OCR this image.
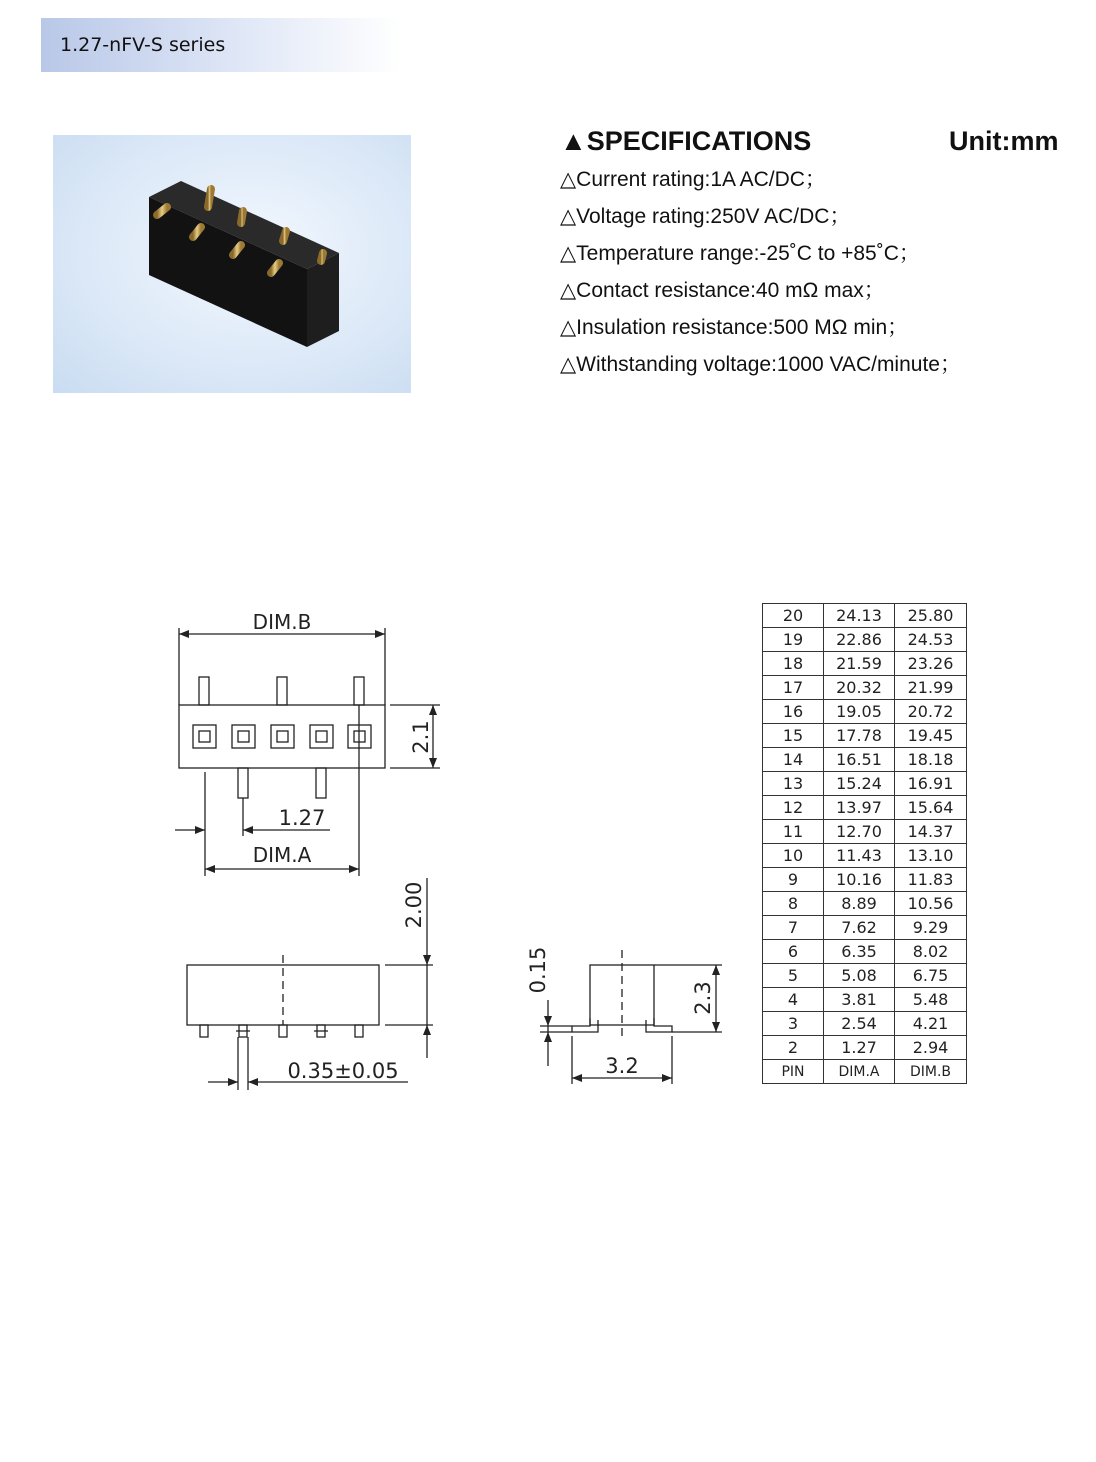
1.27-nFV-S series
▲SPECIFICATIONS	Unit:mm
△Current rating:1A AC/DC；
△Voltage rating:250V AC/DC；
△Temperature range:-25˚C to +85˚C；
△Contact resistance:40 mΩ max；
△Insulation resistance:500 MΩ min；
△Withstanding voltage:1000 VAC/minute；
DIM.B
DIM.A
1.27
2.1
2.00
0.35±0.05
0.15
2.3
3.2
20	24.13	25.80
19	22.86	24.53
18	21.59	23.26
17	20.32	21.99
16	19.05	20.72
15	17.78	19.45
14	16.51	18.18
13	15.24	16.91
12	13.97	15.64
11	12.70	14.37
10	11.43	13.10
9	10.16	11.83
8	8.89	10.56
7	7.62	9.29
6	6.35	8.02
5	5.08	6.75
4	3.81	5.48
3	2.54	4.21
2	1.27	2.94
PIN	DIM.A	DIM.B
